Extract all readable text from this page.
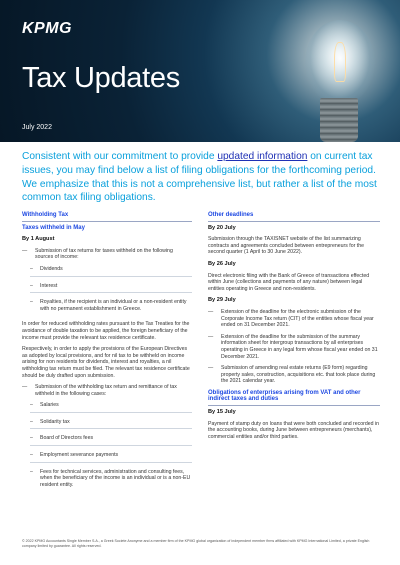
KPMG
Tax Updates
July 2022
Consistent with our commitment to provide updated information on current tax issues, you may find below a list of filing obligations for the forthcoming period. We emphasize that this is not a comprehensive list, but rather a list of the most common tax filing obligations.
Withholding Tax
Taxes withheld in May
By 1 August
—	Submission of tax returns for taxes withheld on the following sources of income:
–	Dividends
–	Interest
–	Royalties, if the recipient is an individual or a non-resident entity with no permanent establishment in Greece.
In order for reduced withholding rates pursuant to the Tax Treaties for the avoidance of double taxation to be applied, the foreign beneficiary of the income must provide the relevant tax residence certificate.
Respectively, in order to apply the provisions of the European Directives as adopted by local provisions, and for nil tax to be withheld on income arising for non residents for dividends, interest and royalties, a nil withholding tax return must be filed. The relevant tax residence certificate should be duly drafted upon submission.
—	Submission of the withholding tax return and remittance of tax withheld in the following cases:
–	Salaries
–	Solidarity tax
–	Board of Directors fees
–	Employment severance payments
–	Fees for technical services, administration and consulting fees, when the beneficiary of the income is an individual or is a non-EU resident entity.
Other deadlines
By 20 July
Submission through the TAXISNET website of the list summarizing contracts and agreements concluded between entrepreneurs for the second quarter (1 April to 30 June 2022).
By 26 July
Direct electronic filing with the Bank of Greece of transactions effected within June (collections and payments of any nature) between legal entities operating in Greece and non-residents.
By 29 July
—	Extension of the deadline for the electronic submission of the Corporate Income Tax return (CIT) of the entities whose fiscal year ended on 31 December 2021.
—	Extension of the deadline for the submission of the summary information sheet for intergroup transactions by all enterprises operating in Greece in any legal form whose fiscal year ended on 31 December 2021.
—	Submission of amending real estate returns (E9 form) regarding property sales, construction, acquisitions etc. that took place during the 2021 calendar year.
Obligations of enterprises arising from VAT and other indirect taxes and duties
By 15 July
Payment of stamp duty on loans that were both concluded and recorded in the accounting books, during June between entrepreneurs (merchants), commercial entities and/or third parties.
© 2022 KPMG Accountants Single Member S.A., a Greek Societe Anonyme and a member firm of the KPMG global organization of independent member firms affiliated with KPMG International Limited, a private English company limited by guarantee. All rights reserved.
